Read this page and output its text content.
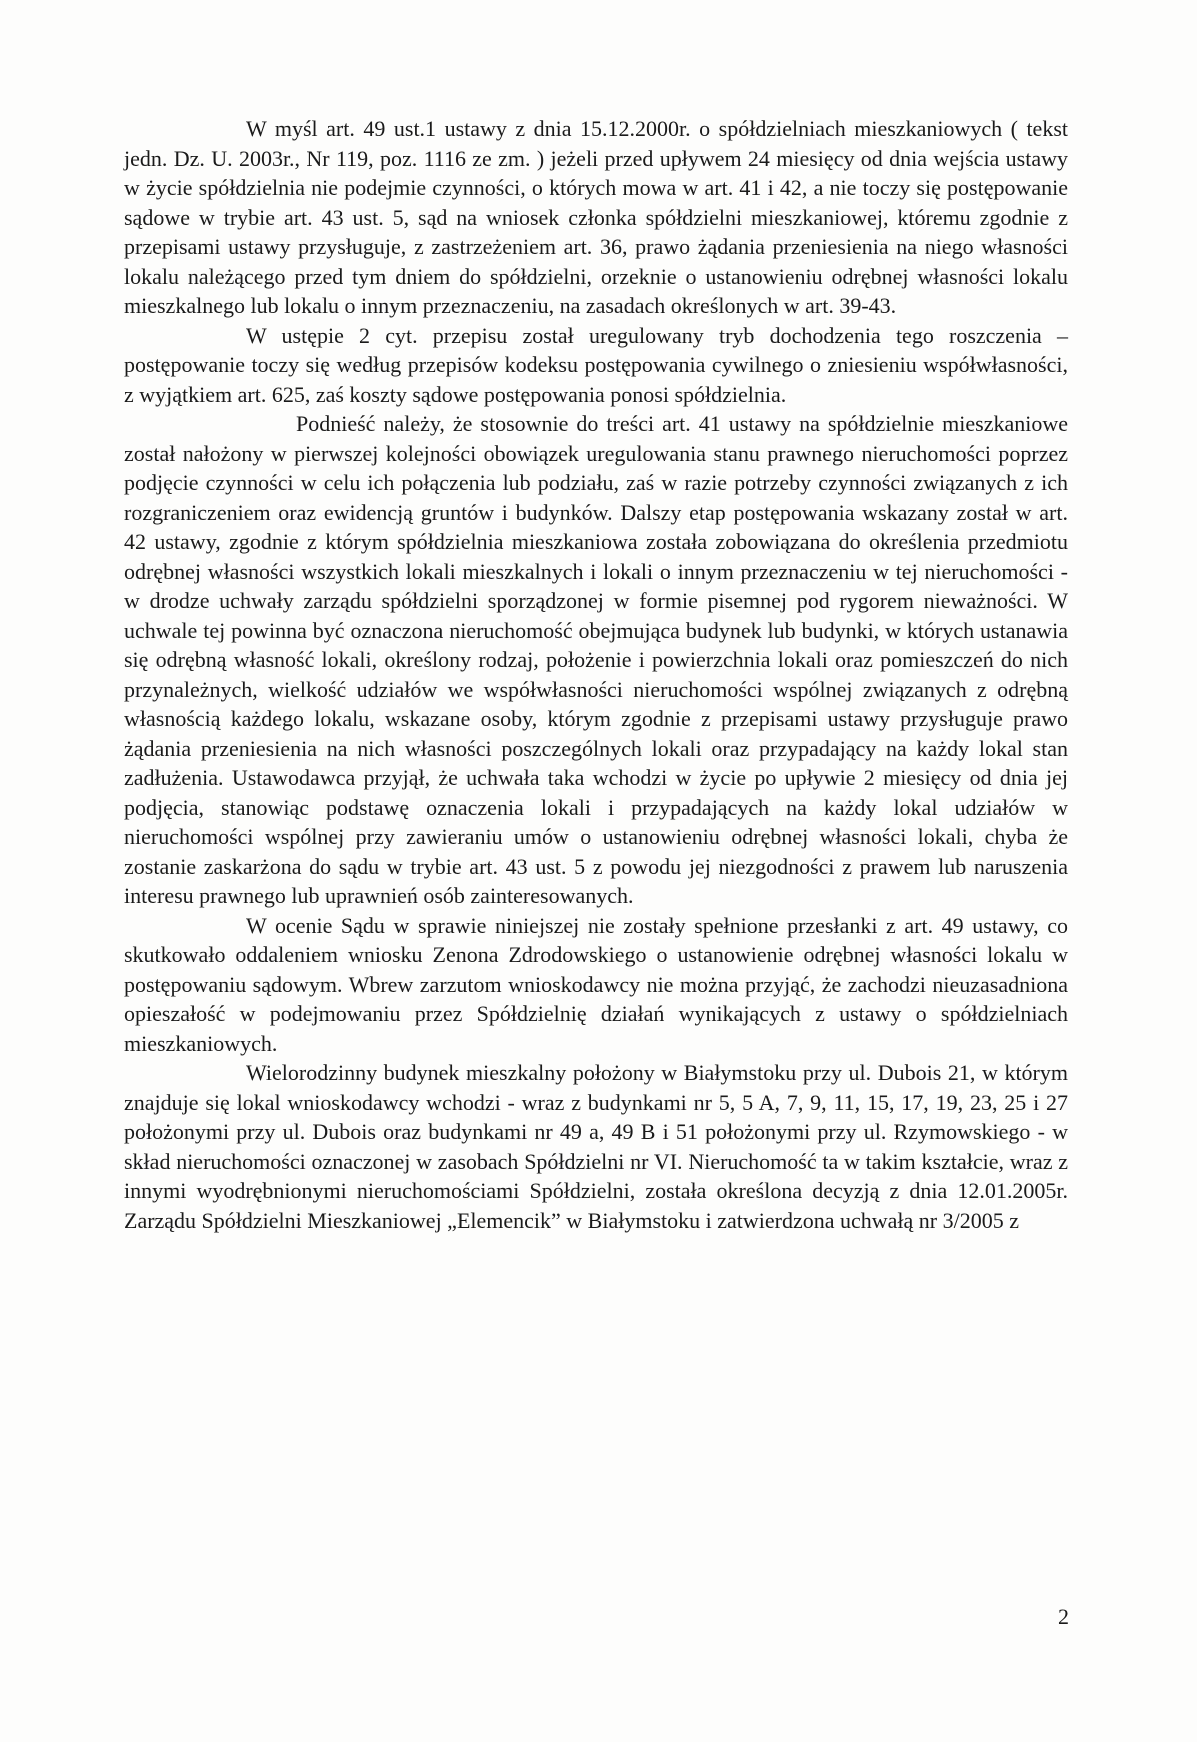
W myśl art. 49 ust.1 ustawy z dnia 15.12.2000r. o spółdzielniach mieszkaniowych ( tekst jedn. Dz. U. 2003r., Nr 119, poz. 1116 ze zm. ) jeżeli przed upływem 24 miesięcy od dnia wejścia ustawy w życie spółdzielnia nie podejmie czynności, o których mowa w art. 41 i 42, a nie toczy się postępowanie sądowe w trybie art. 43 ust. 5, sąd na wniosek członka spółdzielni mieszkaniowej, któremu zgodnie z przepisami ustawy przysługuje, z zastrzeżeniem art. 36, prawo żądania przeniesienia na niego własności lokalu należącego przed tym dniem do spółdzielni, orzeknie o ustanowieniu odrębnej własności lokalu mieszkalnego lub lokalu o innym przeznaczeniu, na zasadach określonych w art. 39-43.

W ustępie 2 cyt. przepisu został uregulowany tryb dochodzenia tego roszczenia – postępowanie toczy się według przepisów kodeksu postępowania cywilnego o zniesieniu współwłasności, z wyjątkiem art. 625, zaś koszty sądowe postępowania ponosi spółdzielnia.

Podnieść należy, że stosownie do treści art. 41 ustawy na spółdzielnie mieszkaniowe został nałożony w pierwszej kolejności obowiązek uregulowania stanu prawnego nieruchomości poprzez podjęcie czynności w celu ich połączenia lub podziału, zaś w razie potrzeby czynności związanych z ich rozgraniczeniem oraz ewidencją gruntów i budynków. Dalszy etap postępowania wskazany został w art. 42 ustawy, zgodnie z którym spółdzielnia mieszkaniowa została zobowiązana do określenia przedmiotu odrębnej własności wszystkich lokali mieszkalnych i lokali o innym przeznaczeniu w tej nieruchomości - w drodze uchwały zarządu spółdzielni sporządzonej w formie pisemnej pod rygorem nieważności. W uchwale tej powinna być oznaczona nieruchomość obejmująca budynek lub budynki, w których ustanawia się odrębną własność lokali, określony rodzaj, położenie i powierzchnia lokali oraz pomieszczeń do nich przynależnych, wielkość udziałów we współwłasności nieruchomości wspólnej związanych z odrębną własnością każdego lokalu, wskazane osoby, którym zgodnie z przepisami ustawy przysługuje prawo żądania przeniesienia na nich własności poszczególnych lokali oraz przypadający na każdy lokal stan zadłużenia. Ustawodawca przyjął, że uchwała taka wchodzi w życie po upływie 2 miesięcy od dnia jej podjęcia, stanowiąc podstawę oznaczenia lokali i przypadających na każdy lokal udziałów w nieruchomości wspólnej przy zawieraniu umów o ustanowieniu odrębnej własności lokali, chyba że zostanie zaskarżona do sądu w trybie art. 43 ust. 5 z powodu jej niezgodności z prawem lub naruszenia interesu prawnego lub uprawnień osób zainteresowanych.

W ocenie Sądu w sprawie niniejszej nie zostały spełnione przesłanki z art. 49 ustawy, co skutkowało oddaleniem wniosku Zenona Zdrodowskiego o ustanowienie odrębnej własności lokalu w postępowaniu sądowym. Wbrew zarzutom wnioskodawcy nie można przyjąć, że zachodzi nieuzasadniona opieszałość w podejmowaniu przez Spółdzielnię działań wynikających z ustawy o spółdzielniach mieszkaniowych.

Wielorodzinny budynek mieszkalny położony w Białymstoku przy ul. Dubois 21, w którym znajduje się lokal wnioskodawcy wchodzi - wraz z budynkami nr 5, 5 A, 7, 9, 11, 15, 17, 19, 23, 25 i 27 położonymi przy ul. Dubois oraz budynkami nr 49 a, 49 B i 51 położonymi przy ul. Rzymowskiego - w skład nieruchomości oznaczonej w zasobach Spółdzielni nr VI. Nieruchomość ta w takim kształcie, wraz z innymi wyodrębnionymi nieruchomościami Spółdzielni, została określona decyzją z dnia 12.01.2005r. Zarządu Spółdzielni Mieszkaniowej „Elemencik” w Białymstoku i zatwierdzona uchwałą nr 3/2005 z

2
